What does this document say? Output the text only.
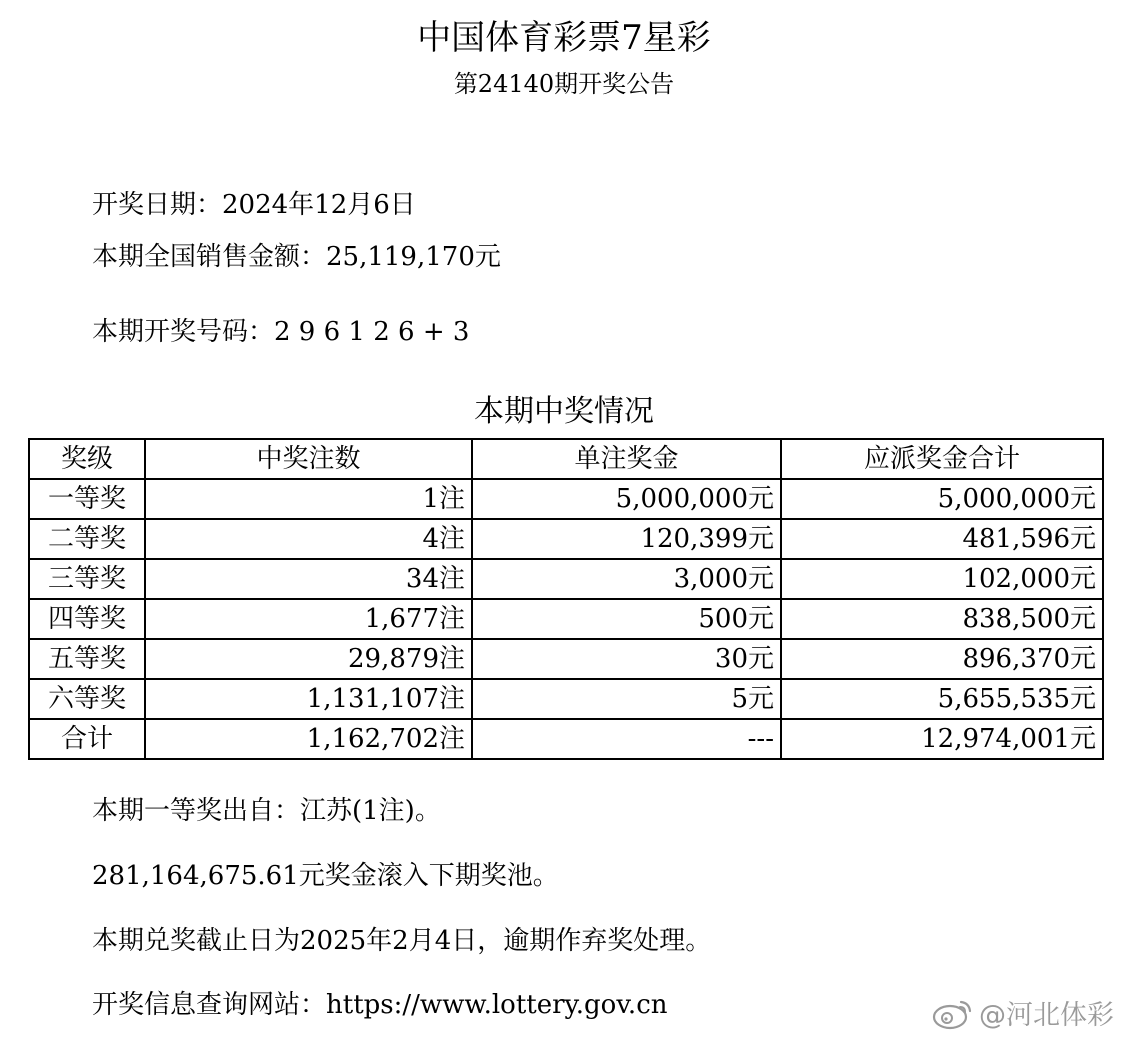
中国体育彩票7星彩
第24140期开奖公告
开奖日期：2024年12月6日
本期全国销售金额：25,119,170元
本期开奖号码：2 9 6 1 2 6 + 3
本期中奖情况
奖级	中奖注数	单注奖金	应派奖金合计
一等奖	1注	5,000,000元	5,000,000元
二等奖	4注	120,399元	481,596元
三等奖	34注	3,000元	102,000元
四等奖	1,677注	500元	838,500元
五等奖	29,879注	30元	896,370元
六等奖	1,131,107注	5元	5,655,535元
合计	1,162,702注	---	12,974,001元
本期一等奖出自：江苏(1注)。
281,164,675.61元奖金滚入下期奖池。
本期兑奖截止日为2025年2月4日，逾期作弃奖处理。
开奖信息查询网站：https://www.lottery.gov.cn	@河北体彩
